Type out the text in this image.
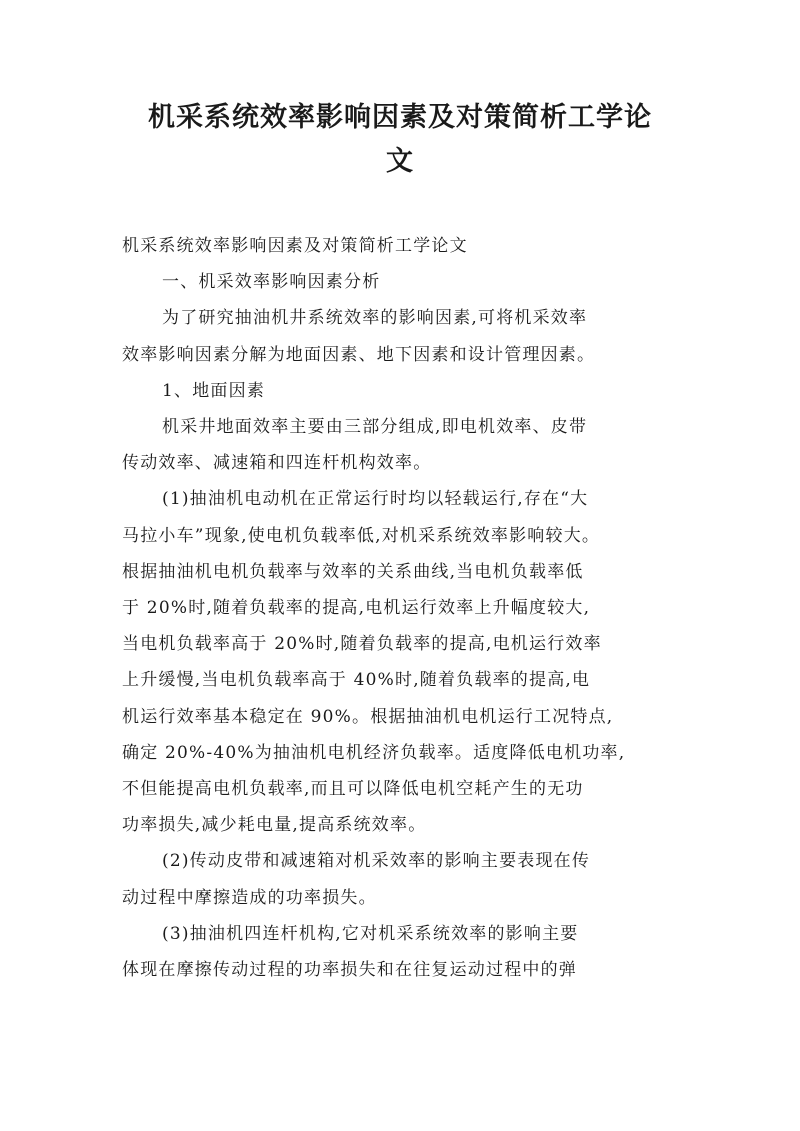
机采系统效率影响因素及对策简析工学论
文
机采系统效率影响因素及对策简析工学论文
一、机采效率影响因素分析
为了研究抽油机井系统效率的影响因素,可将机采效率
效率影响因素分解为地面因素、地下因素和设计管理因素。
1、地面因素
机采井地面效率主要由三部分组成,即电机效率、皮带
传动效率、减速箱和四连杆机构效率。
(1)抽油机电动机在正常运行时均以轻载运行,存在“大
马拉小车”现象,使电机负载率低,对机采系统效率影响较大。
根据抽油机电机负载率与效率的关系曲线,当电机负载率低
于 20%时,随着负载率的提高,电机运行效率上升幅度较大,
当电机负载率高于 20%时,随着负载率的提高,电机运行效率
上升缓慢,当电机负载率高于 40%时,随着负载率的提高,电
机运行效率基本稳定在 90%。根据抽油机电机运行工况特点,
确定 20%-40%为抽油机电机经济负载率。适度降低电机功率,
不但能提高电机负载率,而且可以降低电机空耗产生的无功
功率损失,减少耗电量,提高系统效率。
(2)传动皮带和减速箱对机采效率的影响主要表现在传
动过程中摩擦造成的功率损失。
(3)抽油机四连杆机构,它对机采系统效率的影响主要
体现在摩擦传动过程的功率损失和在往复运动过程中的弹
